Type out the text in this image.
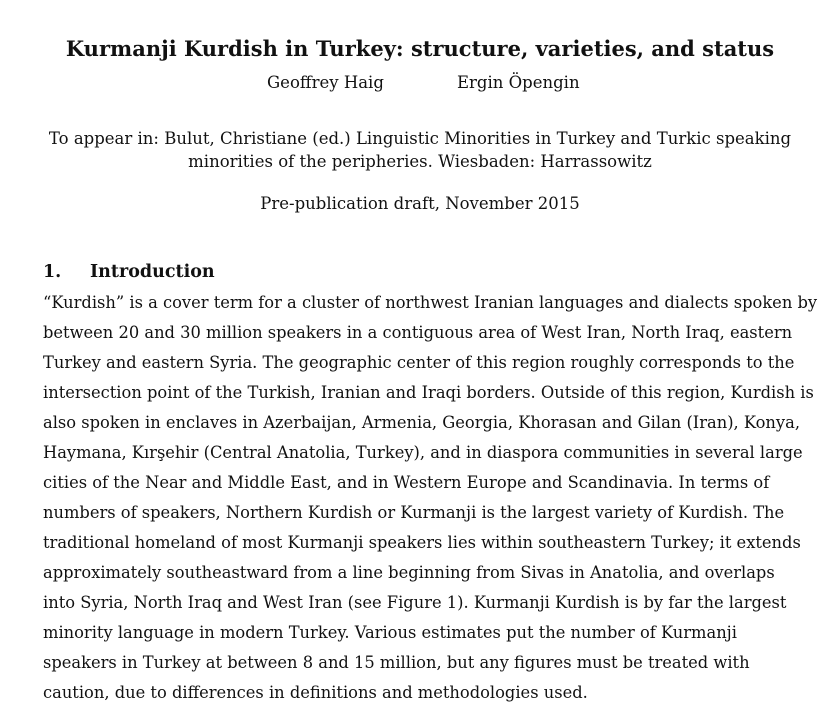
Kurmanji Kurdish in Turkey: structure, varieties, and status
Geoffrey Haig	Ergin Öpengin
To appear in: Bulut, Christiane (ed.) Linguistic Minorities in Turkey and Turkic speaking
minorities of the peripheries. Wiesbaden: Harrassowitz
Pre-publication draft, November 2015
1. Introduction
“Kurdish” is a cover term for a cluster of northwest Iranian languages and dialects spoken by
between 20 and 30 million speakers in a contiguous area of West Iran, North Iraq, eastern
Turkey and eastern Syria. The geographic center of this region roughly corresponds to the
intersection point of the Turkish, Iranian and Iraqi borders. Outside of this region, Kurdish is
also spoken in enclaves in Azerbaijan, Armenia, Georgia, Khorasan and Gilan (Iran), Konya,
Haymana, Kırşehir (Central Anatolia, Turkey), and in diaspora communities in several large
cities of the Near and Middle East, and in Western Europe and Scandinavia. In terms of
numbers of speakers, Northern Kurdish or Kurmanji is the largest variety of Kurdish. The
traditional homeland of most Kurmanji speakers lies within southeastern Turkey; it extends
approximately southeastward from a line beginning from Sivas in Anatolia, and overlaps
into Syria, North Iraq and West Iran (see Figure 1). Kurmanji Kurdish is by far the largest
minority language in modern Turkey. Various estimates put the number of Kurmanji
speakers in Turkey at between 8 and 15 million, but any figures must be treated with
caution, due to differences in definitions and methodologies used.
